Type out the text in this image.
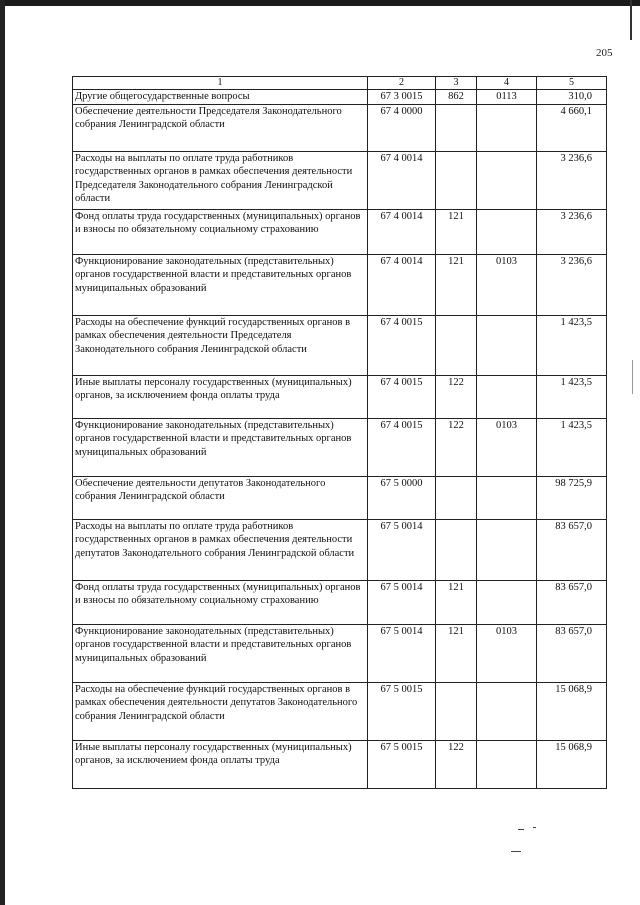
205
1	2	3	4	5
Другие общегосударственные вопросы	67 3 0015	862	0113	310,0
Обеспечение деятельности Председателя Законодательного собрания Ленинградской области	67 4 0000			4 660,1
Расходы на выплаты по оплате труда работников государственных органов в рамках обеспечения деятельности Председателя Законодательного собрания Ленинградской области	67 4 0014			3 236,6
Фонд оплаты труда государственных (муниципальных) органов и взносы по обязательному социальному страхованию	67 4 0014	121		3 236,6
Функционирование законодательных (представительных) органов государственной власти и представительных органов муниципальных образований	67 4 0014	121	0103	3 236,6
Расходы на обеспечение функций государственных органов в рамках обеспечения деятельности Председателя Законодательного собрания Ленинградской области	67 4 0015			1 423,5
Иные выплаты персоналу государственных (муниципальных) органов, за исключением фонда оплаты труда	67 4 0015	122		1 423,5
Функционирование законодательных (представительных) органов государственной власти и представительных органов муниципальных образований	67 4 0015	122	0103	1 423,5
Обеспечение деятельности депутатов Законодательного собрания Ленинградской области	67 5 0000			98 725,9
Расходы на выплаты по оплате труда работников государственных органов в рамках обеспечения деятельности депутатов Законодательного собрания Ленинградской области	67 5 0014			83 657,0
Фонд оплаты труда государственных (муниципальных) органов и взносы по обязательному социальному страхованию	67 5 0014	121		83 657,0
Функционирование законодательных (представительных) органов государственной власти и представительных органов муниципальных образований	67 5 0014	121	0103	83 657,0
Расходы на обеспечение функций государственных органов в рамках обеспечения деятельности депутатов Законодательного собрания Ленинградской области	67 5 0015			15 068,9
Иные выплаты персоналу государственных (муниципальных) органов, за исключением фонда оплаты труда	67 5 0015	122		15 068,9
